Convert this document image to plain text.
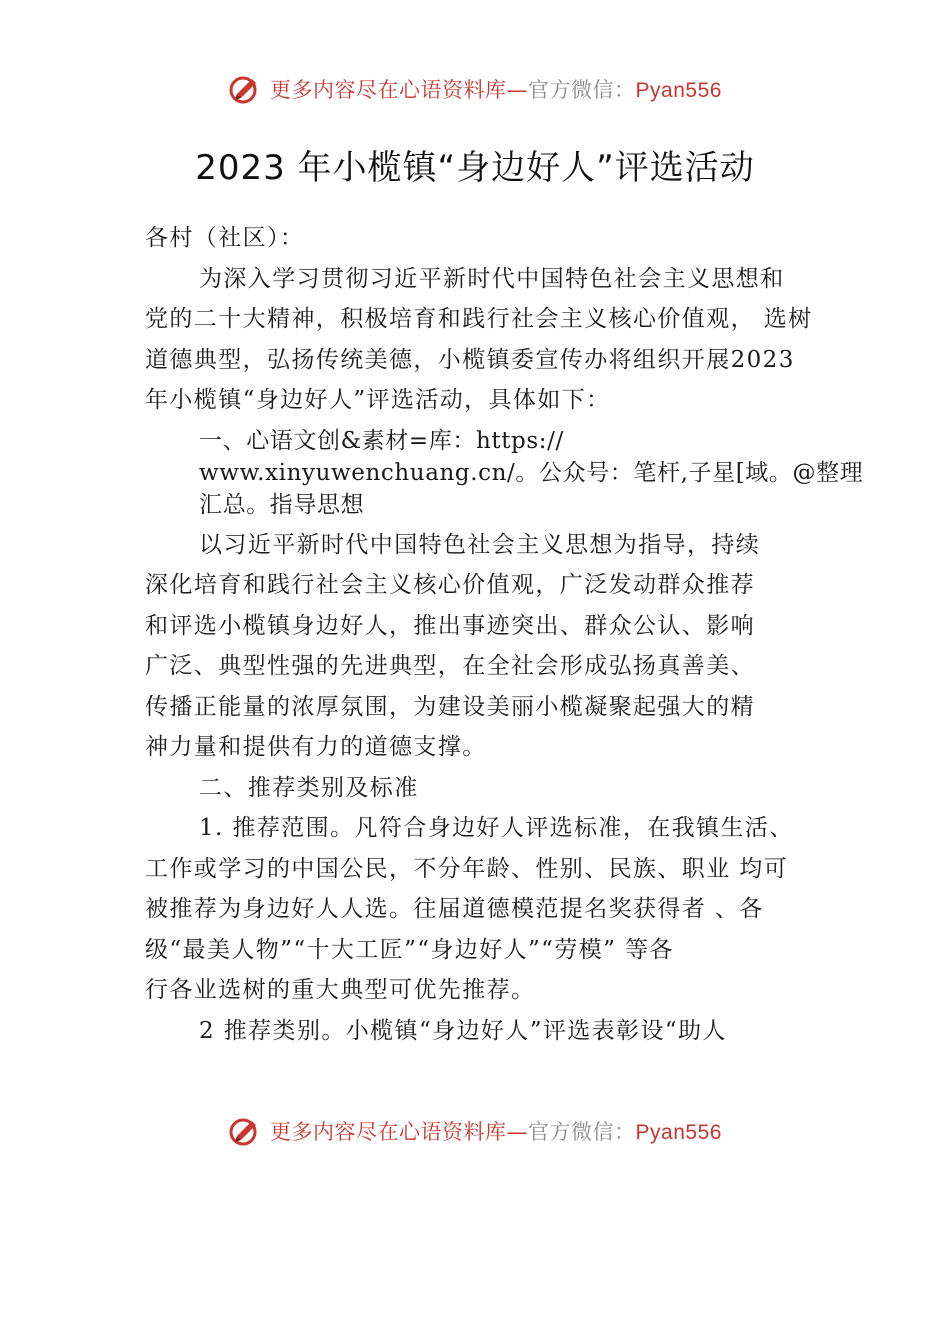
更多内容尽在心语资料库—官方微信：Pyan556
2023 年小榄镇“身边好人”评选活动
各村（社区）：
为深入学习贯彻习近平新时代中国特色社会主义思想和
党的二十大精神，积极培育和践行社会主义核心价值观， 选树
道德典型，弘扬传统美德，小榄镇委宣传办将组织开展2023
年小榄镇“身边好人”评选活动，具体如下：
一、心语文创&素材=库：https://
www.xinyuwenchuang.cn/。公众号：笔杆,子星[域。@整理
汇总。指导思想
以习近平新时代中国特色社会主义思想为指导，持续
深化培育和践行社会主义核心价值观，广泛发动群众推荐
和评选小榄镇身边好人，推出事迹突出、群众公认、影响
广泛、典型性强的先进典型，在全社会形成弘扬真善美、
传播正能量的浓厚氛围，为建设美丽小榄凝聚起强大的精
神力量和提供有力的道德支撑。
二、推荐类别及标准
1. 推荐范围。凡符合身边好人评选标准，在我镇生活、
工作或学习的中国公民，不分年龄、性别、民族、职业 均可
被推荐为身边好人人选。往届道德模范提名奖获得者 、各
级“最美人物”“十大工匠”“身边好人”“劳模” 等各
行各业选树的重大典型可优先推荐。
2 推荐类别。小榄镇“身边好人”评选表彰设“助人
更多内容尽在心语资料库—官方微信：Pyan556
